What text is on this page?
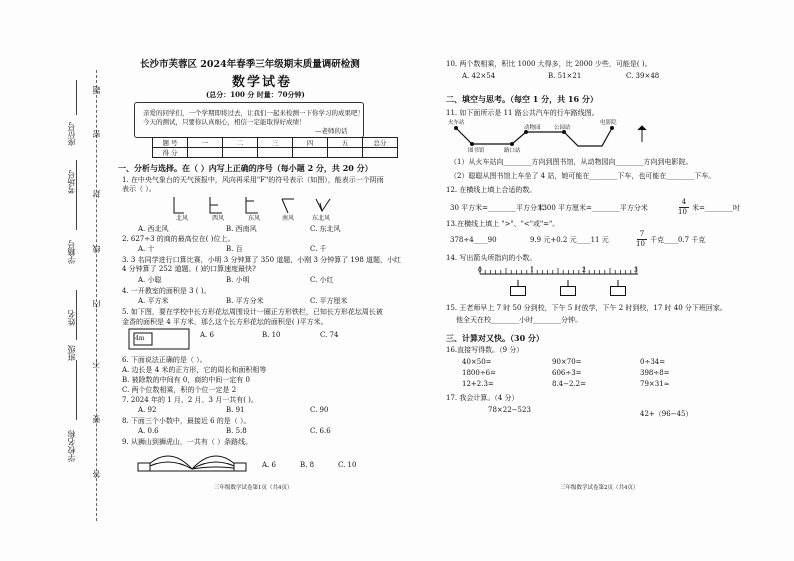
学校名称
班级
姓名
学籍号
考场号
座位号
题
密
封
线
内
不
要
答
长沙市芙蓉区 2024年春季三年级期末质量调研检测
数学试卷
(总分：100 分 时量：70分钟)
亲爱的同学们，一个学期即将过去，让我们一起来检测一下你学习的成果吧！
今天的测试，只要你认真细心，相信一定能取得好成绩！
—老师的话
题 号	一	二	三	四	五	总分
得 分						
一、分析与选择。在（ ）内写上正确的序号（每小题 2 分，共 20 分）
1. 在中央气象台的天气预报中，风向再采用"F"的符号表示（如图），能表示一个阴雨
表示（ ）。
北风	西风	东风	南风	东北风
A. 西北风	B. 西南风	C. 东北风
2. 627÷3 的商的最高位在( )位上。
A. 十	B. 百	C. 千
3. 3 名同学进行口算比赛，小明 3 分钟算了 350 道题，小刚 3 分钟算了 198 道题，小红
4 分钟算了 252 道题。( )的口算速度最快?
A. 小聪	B. 小明	C. 小红
4. 一开教室的面积是 3 ( )。
A. 平方米	B. 平方分米	C. 平方厘米
5. 如下图，要在学校中长方形花坛周围设计一圈正方形铁栏，已知长方形花坛周长被
金香的面积是 4 平方米，那么这个长方形花坛的面积是( )平方米。
4m	A. 6	B. 10	C. 74
6. 下面说法正确的是（ ）。
A. 边长是 4 米的正方形，它的周长和面积相等
B. 被除数的中间有 0，商的中间一定有 0
C. 两个位数相乘，积的个位一定是 2
7. 2024 年的 1 月、2 月、3 月一共有( )。
A. 92	B. 91	C. 90
8. 下面三个小数中，最接近 6 的是（ ）。
A. 0.6	B. 5.8	C. 6.6
9. 从狮山到狮虎山，一共有（ ）条路线。
A. 6	B. 8	C. 10
三年级数学试卷第1页（共4页）
10. 两个数相乘，积比 1000 大得多，比 2000 少些，可能是( )。
A. 42×54	B. 51×21	C. 39×48
二、填空与思考。（每空 1 分，共 16 分）
11. 如下面所示是 11 路公共汽车的行车路线图。
火车站
图书馆	路口站
动物园 公园站
电影院
（1）从火车站向________方向到图书馆，从动物园向________方向到电影院。
（2）聪聪从图书馆上车坐了 4 站，她可能在________下车，也可能在________下车。
12. 在横线上填上合适的数。
30 平方米=________平方分米
1300 平方厘米=________平方分米
4
10 米=________吋
13.在横线上填上 ">"、"<"或"="。
378÷4____90	9.9 元+0.2 元____11 元
7
10 千克____0.7 千克
14. 写出箭头所指向的小数。
0	1	2	3
15. 王老师早上 7 时 50 分到校，下午 5 时放学，下午 2 时到校，17 时 40 分下班回家。
他全天在校________小时________分钟。
三、计算对又快。（30 分）
16.直接写得数。（9 分）
40×50=	90×70=	0÷34=
1800÷6=	606÷3=	398÷8=
12+2.3=	8.4−2.2=	79×31≈
17. 我会计算。（4 分）
78×22−523	42+（96−45）
三年级数学试卷第2页（共4页）
